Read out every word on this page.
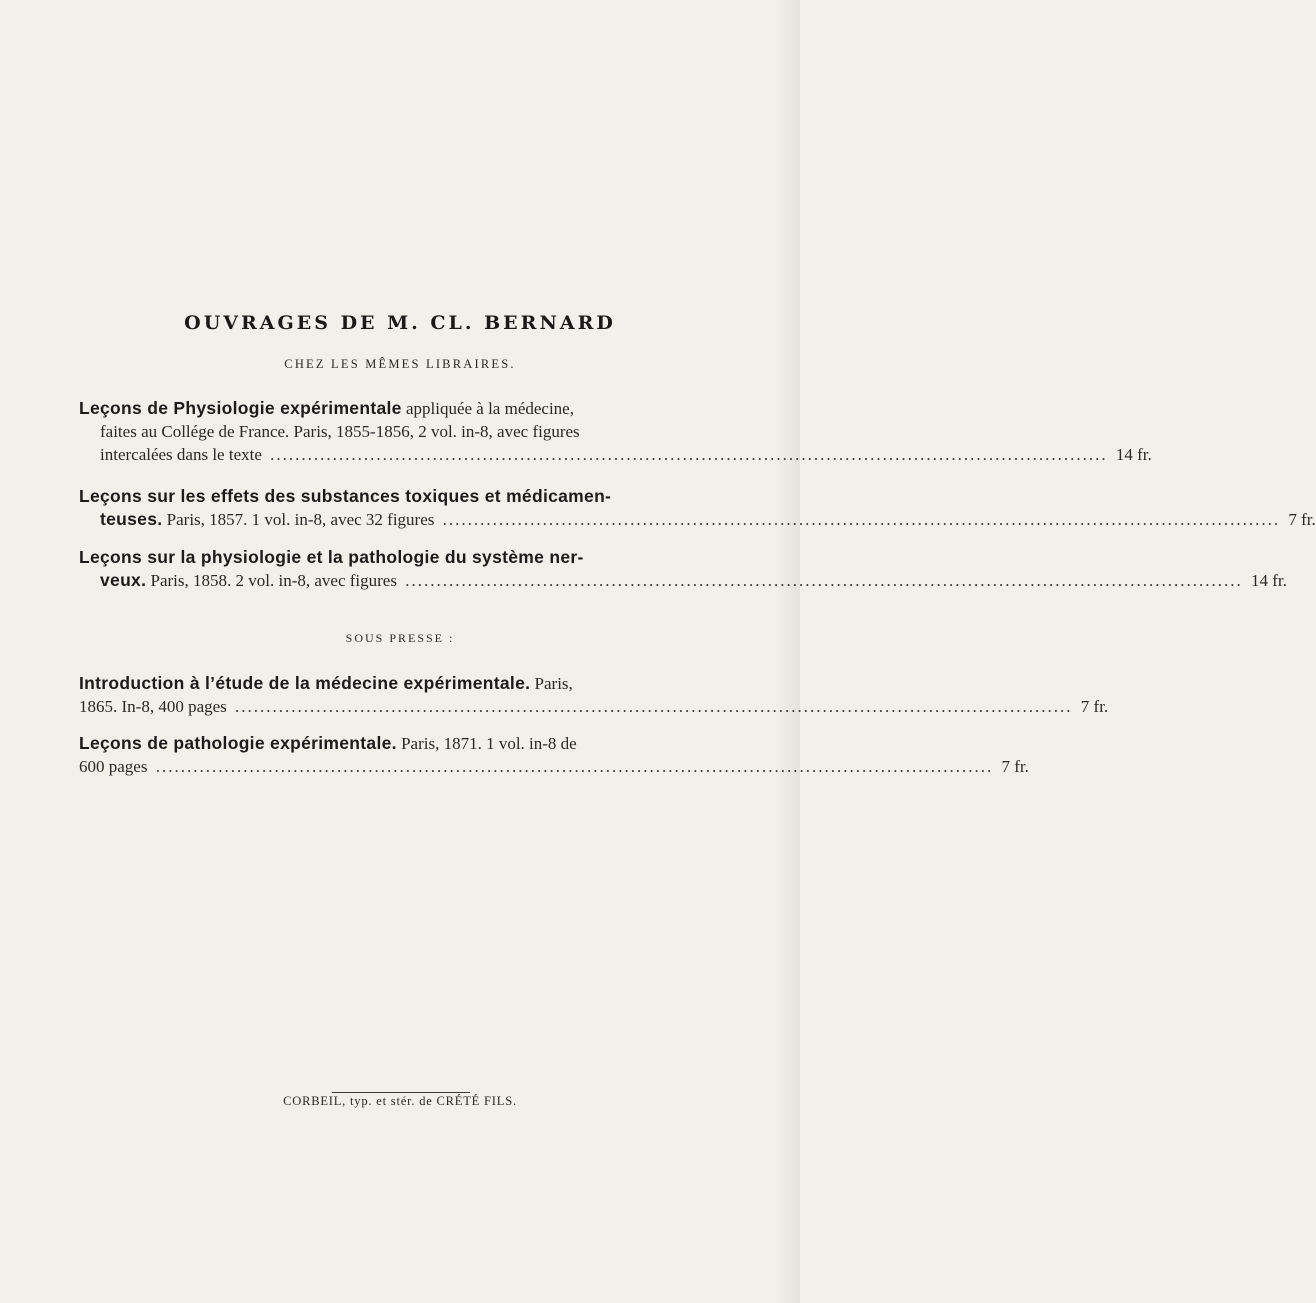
OUVRAGES DE M. CL. BERNARD
CHEZ LES MÊMES LIBRAIRES.
Leçons de Physiologie expérimentale appliquée à la médecine,
faites au Collége de France. Paris, 1855-1856, 2 vol. in-8, avec figures
intercalées dans le texte .....	14 fr.
Leçons sur les effets des substances toxiques et médicamen-
teuses. Paris, 1857. 1 vol. in-8, avec 32 figures .....	7 fr.
Leçons sur la physiologie et la pathologie du système ner-
veux. Paris, 1858. 2 vol. in-8, avec figures .....	14 fr.
SOUS PRESSE :
Introduction à l’étude de la médecine expérimentale. Paris,
1865. In-8, 400 pages .....	7 fr.
Leçons de pathologie expérimentale. Paris, 1871. 1 vol. in-8 de
600 pages .....	7 fr.
CORBEIL, typ. et stér. de CRÉTÉ FILS.
